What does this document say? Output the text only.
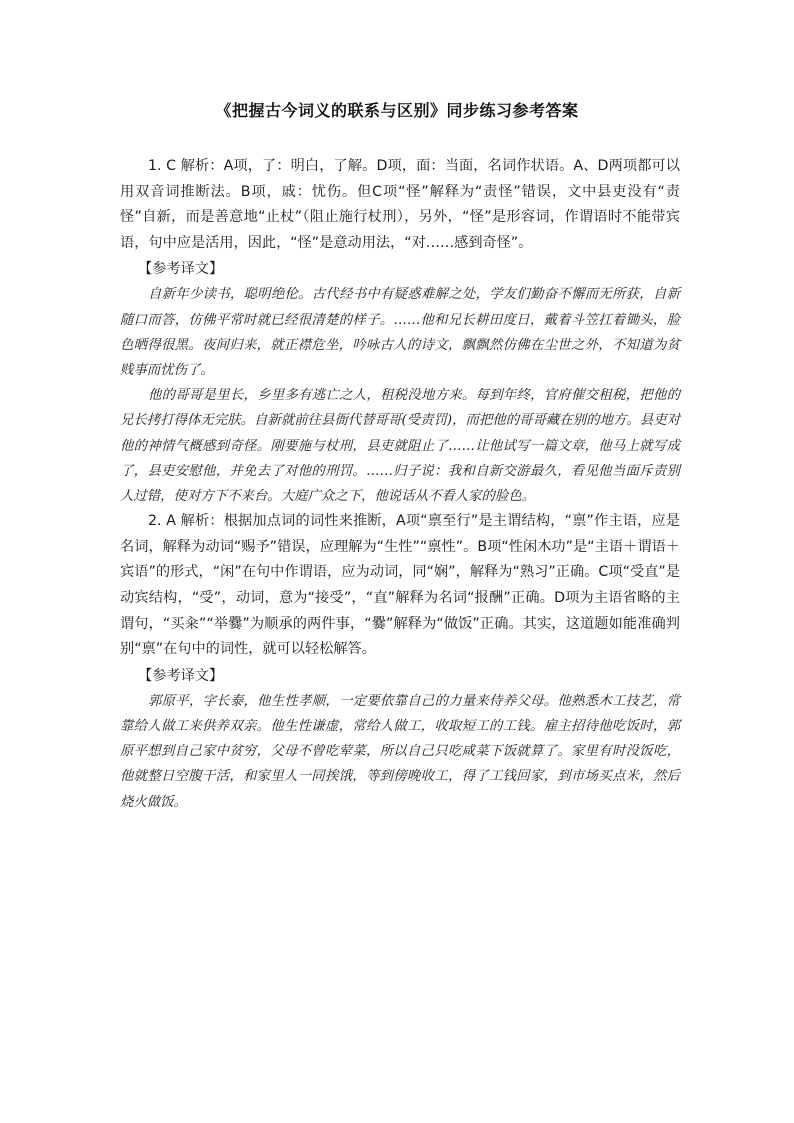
《把握古今词义的联系与区别》同步练习参考答案

1. C 解析：A项，了：明白，了解。D项，面：当面，名词作状语。A、D两项都可以用双音词推断法。B项，戚：忧伤。但C项“怪”解释为“责怪”错误，文中县吏没有“责怪”自新，而是善意地“止杖”（阻止施行杖刑），另外，“怪”是形容词，作谓语时不能带宾语，句中应是活用，因此，“怪”是意动用法，“对……感到奇怪”。

【参考译文】

自新年少读书，聪明绝伦。古代经书中有疑惑难解之处，学友们勤奋不懈而无所获，自新随口而答，仿佛平常时就已经很清楚的样子。……他和兄长耕田度日，戴着斗笠扛着锄头，脸色晒得很黑。夜间归来，就正襟危坐，吟咏古人的诗文，飘飘然仿佛在尘世之外，不知道为贫贱事而忧伤了。

他的哥哥是里长，乡里多有逃亡之人，租税没地方来。每到年终，官府催交租税，把他的兄长拷打得体无完肤。自新就前往县衙代替哥哥(受责罚)，而把他的哥哥藏在别的地方。县吏对他的神情气概感到奇怪。刚要施与杖刑，县吏就阻止了……让他试写一篇文章，他马上就写成了，县吏安慰他，并免去了对他的刑罚。……归子说：我和自新交游最久，看见他当面斥责别人过错，使对方下不来台。大庭广众之下，他说话从不看人家的脸色。

2. A 解析：根据加点词的词性来推断，A项“禀至行”是主谓结构，“禀”作主语，应是名词，解释为动词“赐予”错误，应理解为“生性”“禀性”。B项“性闲木功”是“主语＋谓语＋宾语”的形式，“闲”在句中作谓语，应为动词，同“娴”，解释为“熟习”正确。C项“受直”是动宾结构，“受”，动词，意为“接受”，“直”解释为名词“报酬”正确。D项为主语省略的主谓句，“买籴”“举爨”为顺承的两件事，“爨”解释为“做饭”正确。其实，这道题如能准确判别“禀”在句中的词性，就可以轻松解答。

【参考译文】

郭原平，字长泰，他生性孝顺，一定要依靠自己的力量来侍养父母。他熟悉木工技艺，常靠给人做工来供养双亲。他生性谦虚，常给人做工，收取短工的工钱。雇主招待他吃饭时，郭原平想到自己家中贫穷，父母不曾吃荤菜，所以自己只吃咸菜下饭就算了。家里有时没饭吃，他就整日空腹干活，和家里人一同挨饿，等到傍晚收工，得了工钱回家，到市场买点米，然后烧火做饭。
